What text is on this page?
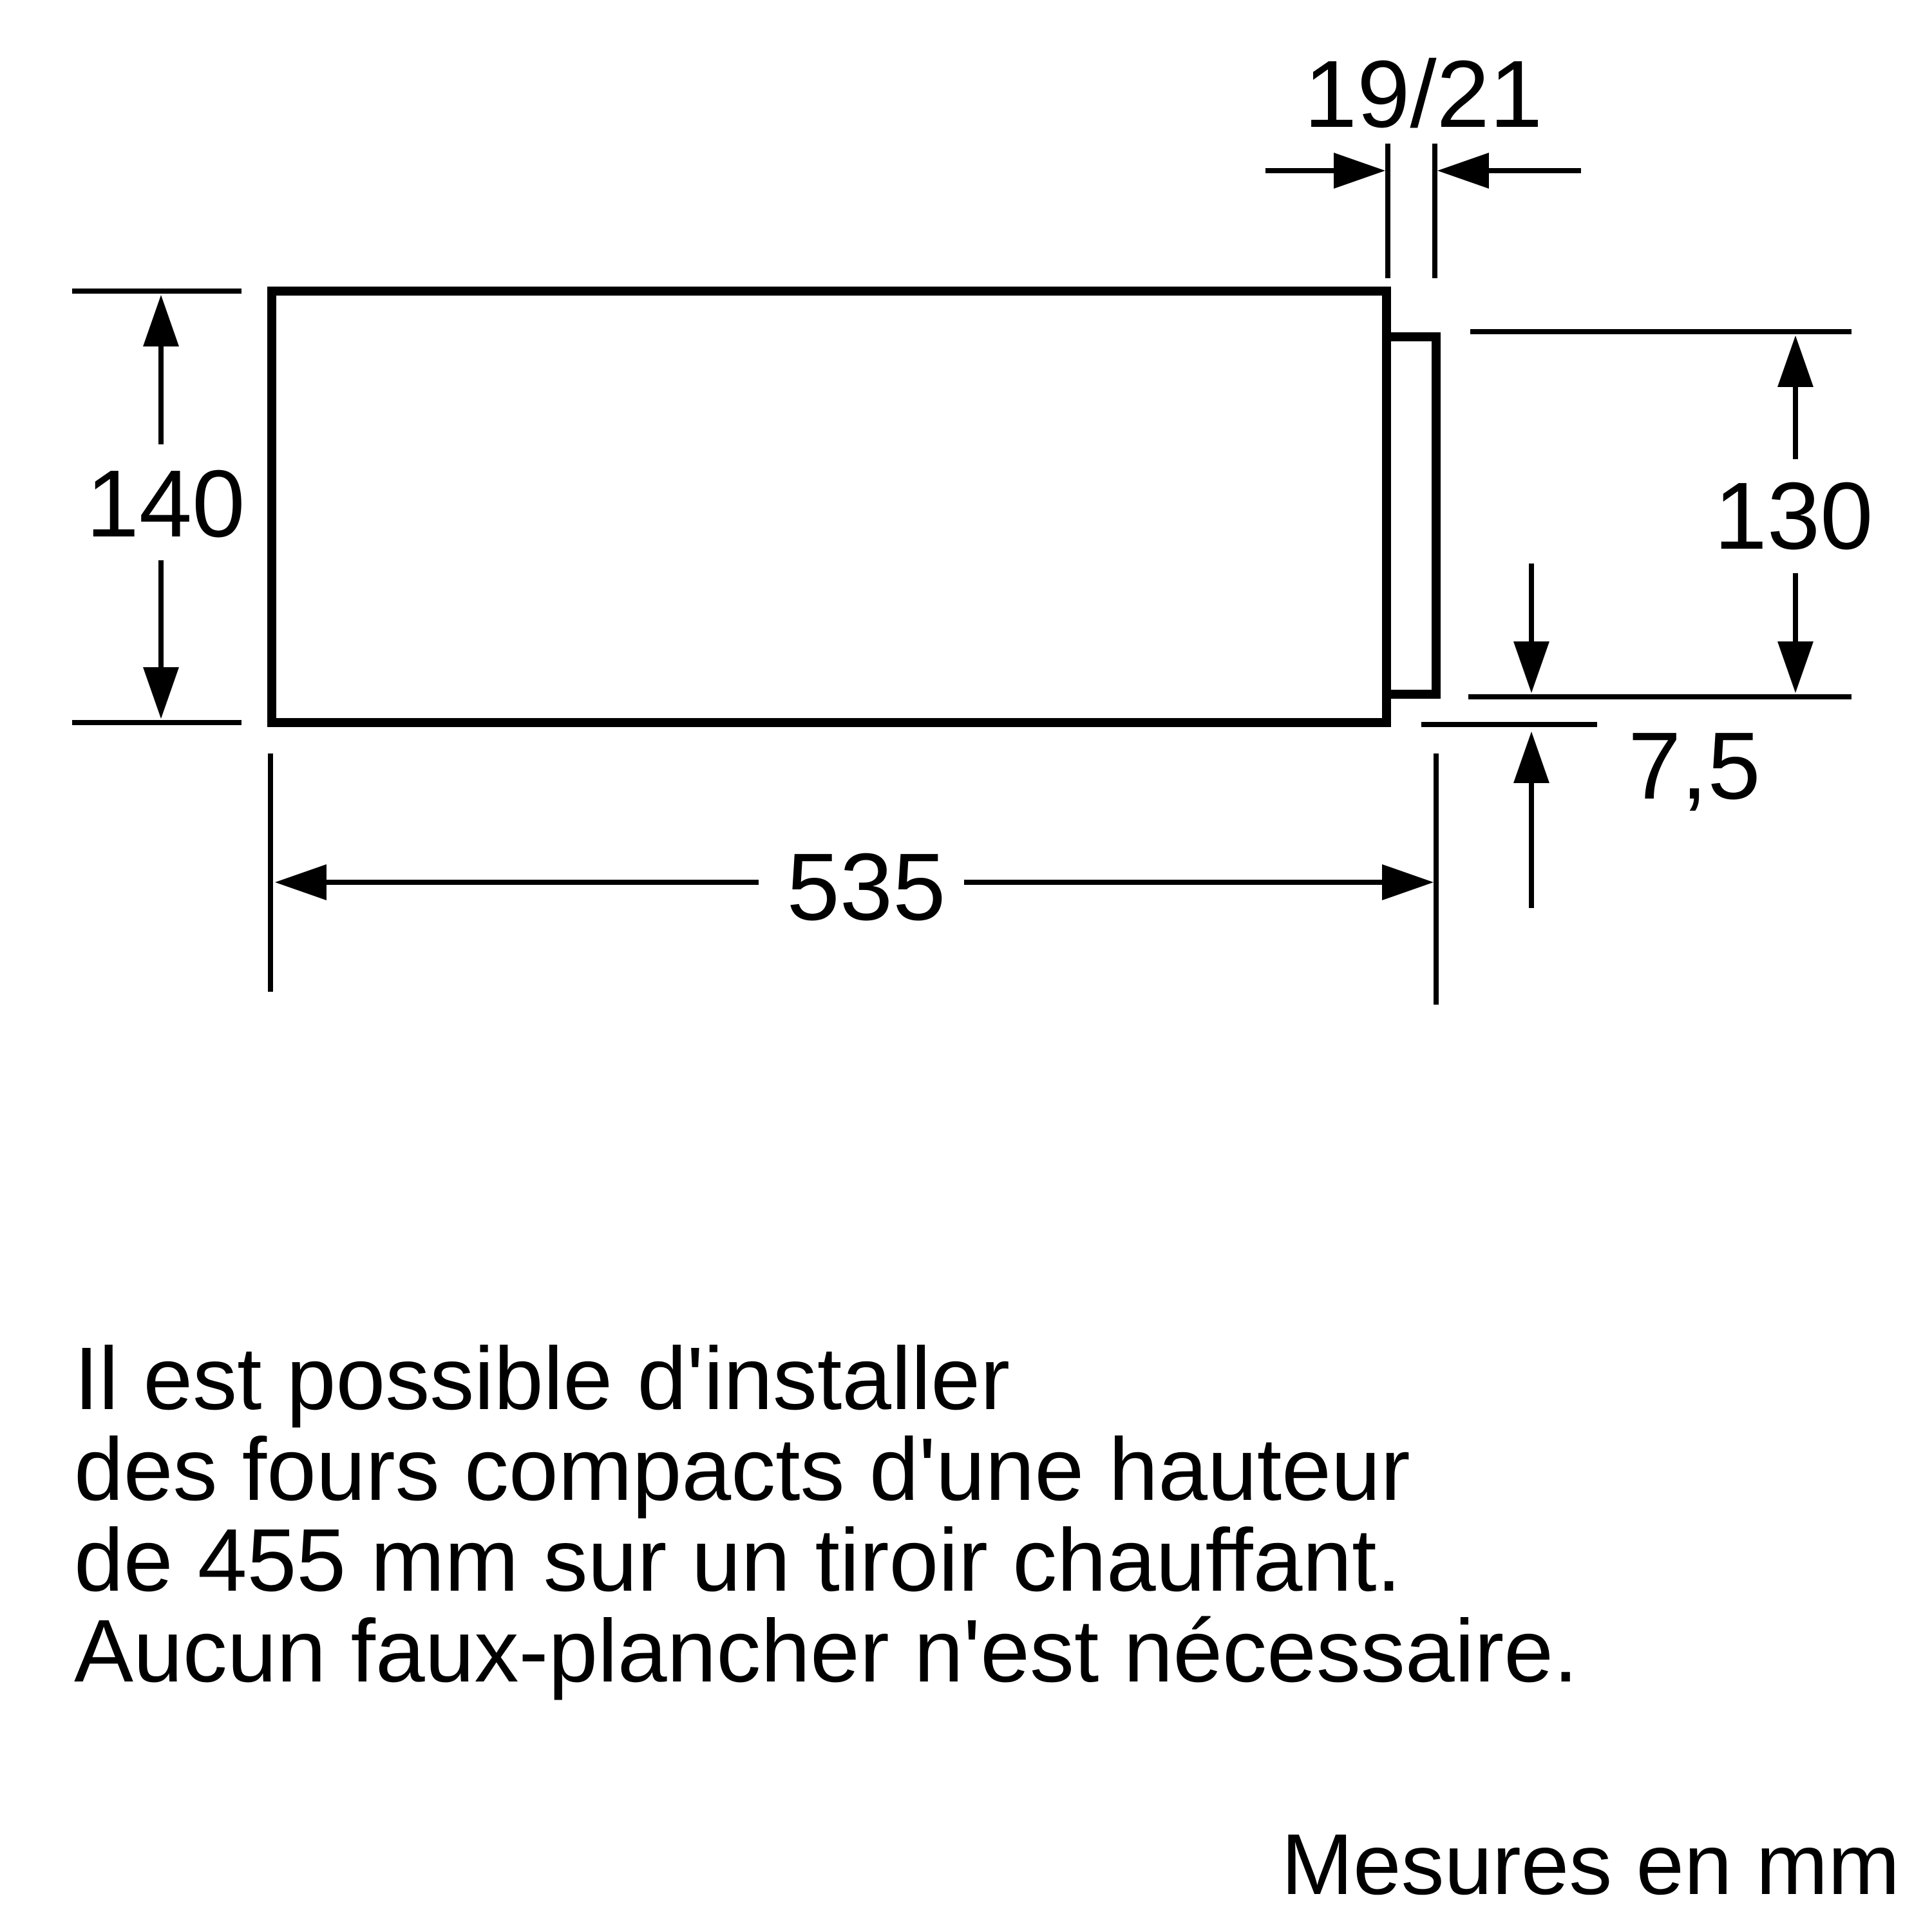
19/21
140	130
7,5
535
Il est possible d'installer
des fours compacts d'une hauteur
de 455 mm sur un tiroir chauffant.
Aucun faux-plancher n'est nécessaire.
Mesures en mm
